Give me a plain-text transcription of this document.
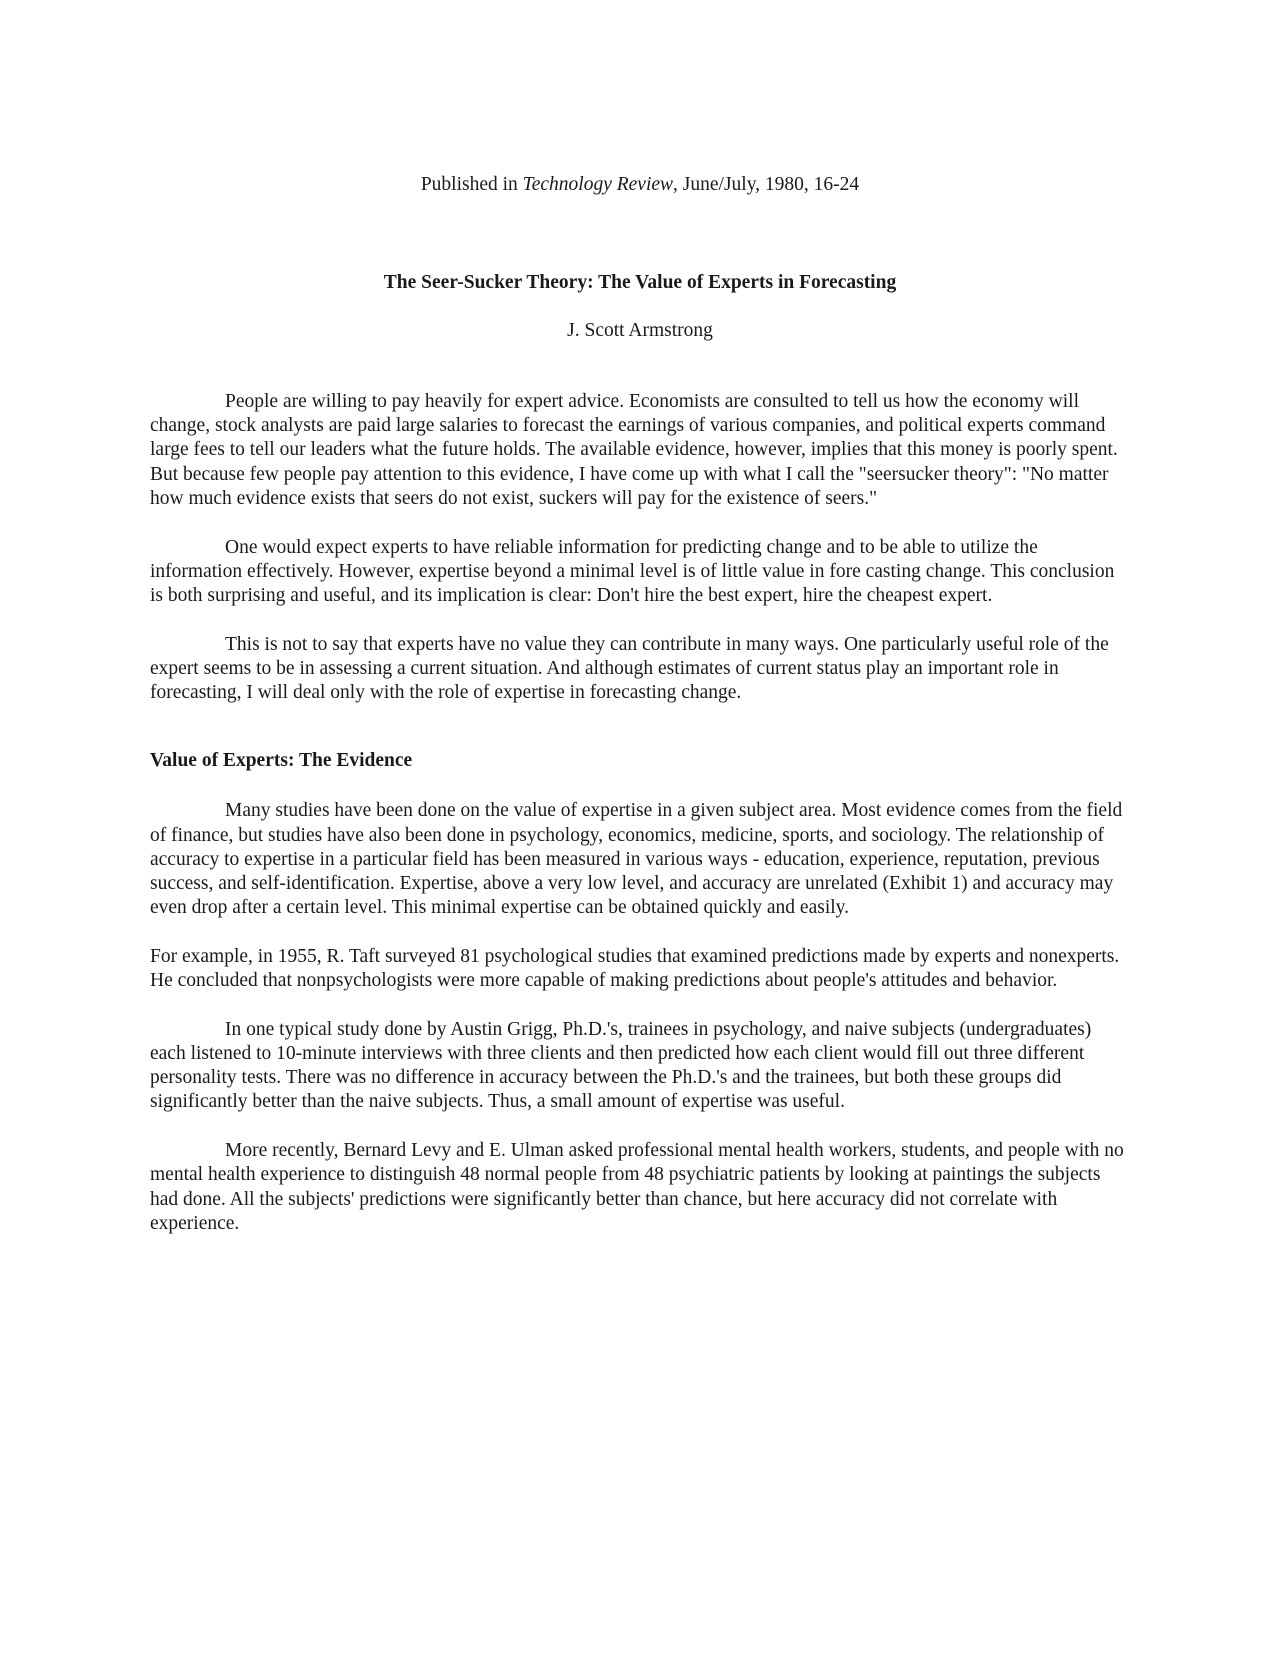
Published in Technology Review, June/July, 1980, 16-24
The Seer-Sucker Theory: The Value of Experts in Forecasting
J. Scott Armstrong

People are willing to pay heavily for expert advice. Economists are consulted to tell us how the economy will change, stock analysts are paid large salaries to forecast the earnings of various companies, and political experts command large fees to tell our leaders what the future holds. The available evidence, however, implies that this money is poorly spent. But because few people pay attention to this evidence, I have come up with what I call the "seersucker theory": "No matter how much evidence exists that seers do not exist, suckers will pay for the existence of seers."

One would expect experts to have reliable information for predicting change and to be able to utilize the information effectively. However, expertise beyond a minimal level is of little value in fore casting change. This conclusion is both surprising and useful, and its implication is clear: Don't hire the best expert, hire the cheapest expert.

This is not to say that experts have no value they can contribute in many ways. One particularly useful role of the expert seems to be in assessing a current situation. And although estimates of current status play an important role in forecasting, I will deal only with the role of expertise in forecasting change.

Value of Experts: The Evidence

Many studies have been done on the value of expertise in a given subject area. Most evidence comes from the field of finance, but studies have also been done in psychology, economics, medicine, sports, and sociology. The relationship of accuracy to expertise in a particular field has been measured in various ways - education, experience, reputation, previous success, and self-identification. Expertise, above a very low level, and accuracy are unrelated (Exhibit 1) and accuracy may even drop after a certain level. This minimal expertise can be obtained quickly and easily.

For example, in 1955, R. Taft surveyed 81 psychological studies that examined predictions made by experts and nonexperts. He concluded that nonpsychologists were more capable of making predictions about people's attitudes and behavior.

In one typical study done by Austin Grigg, Ph.D.'s, trainees in psychology, and naive subjects (undergraduates) each listened to 10-minute interviews with three clients and then predicted how each client would fill out three different personality tests. There was no difference in accuracy between the Ph.D.'s and the trainees, but both these groups did significantly better than the naive subjects. Thus, a small amount of expertise was useful.

More recently, Bernard Levy and E. Ulman asked professional mental health workers, students, and people with no mental health experience to distinguish 48 normal people from 48 psychiatric patients by looking at paintings the subjects had done. All the subjects' predictions were significantly better than chance, but here accuracy did not correlate with experience.
